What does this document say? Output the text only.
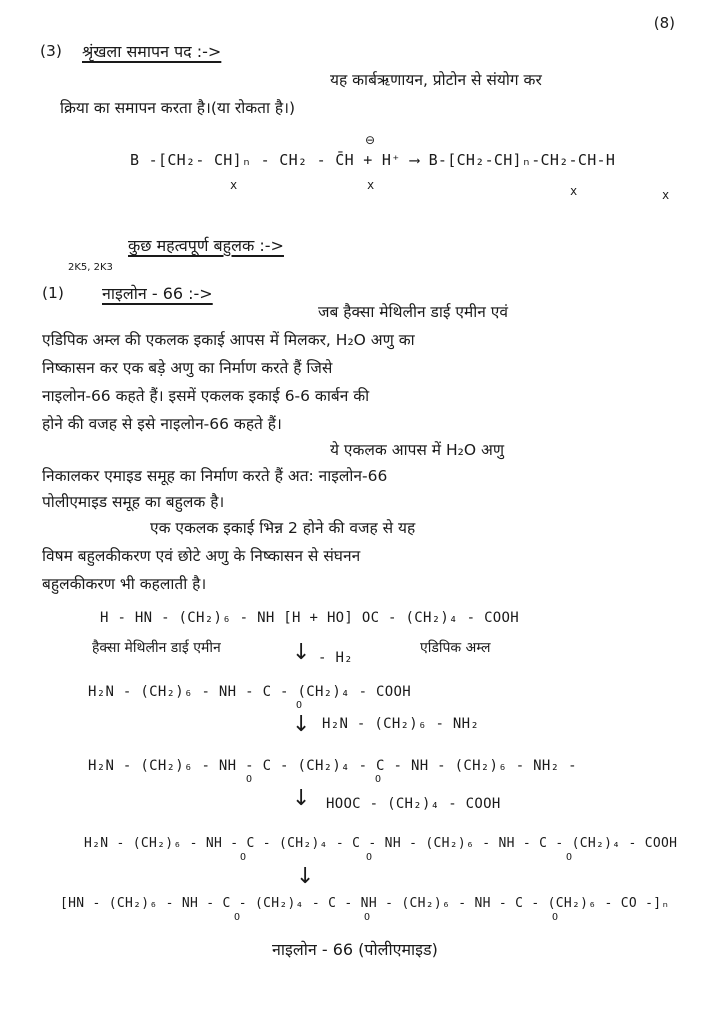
(8)
(3) श्रृंखला समापन पद :->
यह कार्बऋणायन, प्रोटोन से संयोग कर
क्रिया का समापन करता है।(या रोकता है।)
⊖
B -[CH₂- CH]ₙ - CH₂ - C̄H + H⁺ ⟶ B-[CH₂-CH]ₙ-CH₂-CH-H
x	x	x	x
कुछ महत्वपूर्ण बहुलक :->
2K5, 2K3
(1) नाइलोन - 66 :->
जब हैक्सा मेथिलीन डाई एमीन एवं
एडिपिक अम्ल की एकलक इकाई आपस में मिलकर, H₂O अणु का
निष्कासन कर एक बड़े अणु का निर्माण करते हैं जिसे
नाइलोन-66 कहते हैं। इसमें एकलक इकाई 6-6 कार्बन की
होने की वजह से इसे नाइलोन-66 कहते हैं।
ये एकलक आपस में H₂O अणु
निकालकर एमाइड समूह का निर्माण करते हैं अत: नाइलोन-66
पोलीएमाइड समूह का बहुलक है।
एक एकलक इकाई भिन्न 2 होने की वजह से यह
विषम बहुलकीकरण एवं छोटे अणु के निष्कासन से संघनन
बहुलकीकरण भी कहलाती है।
H - HN - (CH₂)₆ - NH [H + HO] OC - (CH₂)₄ - COOH
हैक्सा मेथिलीन डाई एमीन	एडिपिक अम्ल
↓ - H₂
H₂N - (CH₂)₆ - NH - C - (CH₂)₄ - COOH
O
↓ H₂N - (CH₂)₆ - NH₂
H₂N - (CH₂)₆ - NH - C - (CH₂)₄ - C - NH - (CH₂)₆ - NH₂ -
O	O
↓ HOOC - (CH₂)₄ - COOH
H₂N - (CH₂)₆ - NH - C - (CH₂)₄ - C - NH - (CH₂)₆ - NH - C - (CH₂)₄ - COOH
O	O	O
↓
[HN - (CH₂)₆ - NH - C - (CH₂)₄ - C - NH - (CH₂)₆ - NH - C - (CH₂)₆ - CO -]ₙ
O	O	O
नाइलोन - 66 (पोलीएमाइड)
